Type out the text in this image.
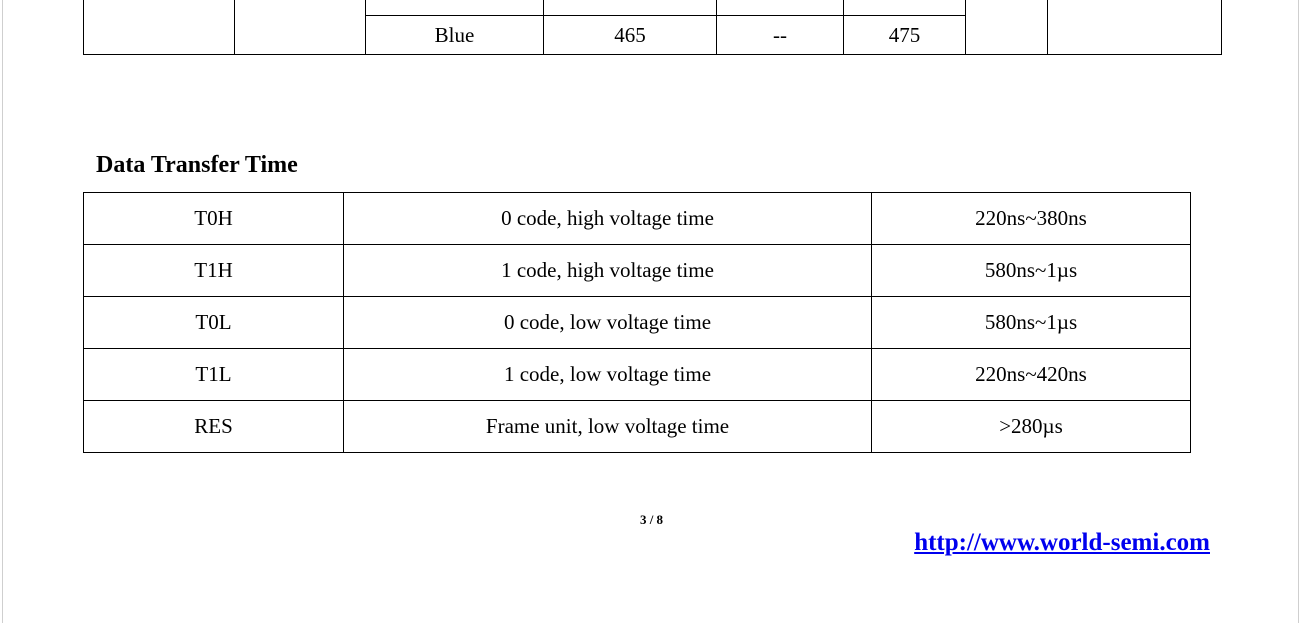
		Blue	465	--	475		
Data Transfer Time
T0H	0 code, high voltage time	220ns~380ns
T1H	1 code, high voltage time	580ns~1µs
T0L	0 code, low voltage time	580ns~1µs
T1L	1 code, low voltage time	220ns~420ns
RES	Frame unit, low voltage time	>280µs
3 / 8
http://www.world-semi.com
